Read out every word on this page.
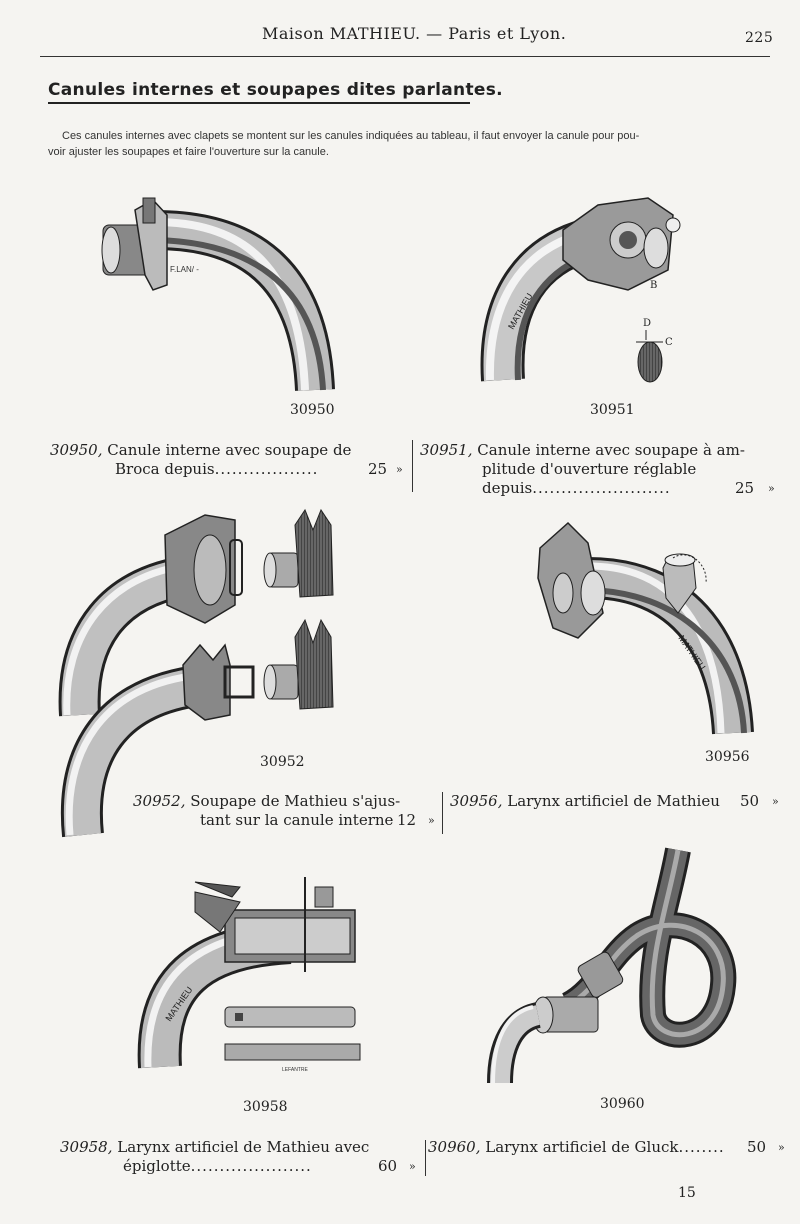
Maison MATHIEU. — Paris et Lyon.	225
Canules internes et soupapes dites parlantes.
Ces canules internes avec clapets se montent sur les canules indiquées au tableau, il faut envoyer la canule pour pou-
voir ajuster les soupapes et faire l'ouverture sur la canule.
F.LAN/ -
30950
MATHIEU
B
D
C
30951
30950, Canule interne avec soupape de
Broca depuis..................	25 »
30951, Canule interne avec soupape à am-
plitude d'ouverture réglable
depuis........................	25 »
30952
MATHIEU
30956
30952, Soupape de Mathieu s'ajus-
tant sur la canule interne 12 »
30956, Larynx artificiel de Mathieu	50 »
MATHIEU
LEFANTRE
30958	30960
30958, Larynx artificiel de Mathieu avec
épiglotte.....................	60 »
30960, Larynx artificiel de Gluck........	50 »
15
